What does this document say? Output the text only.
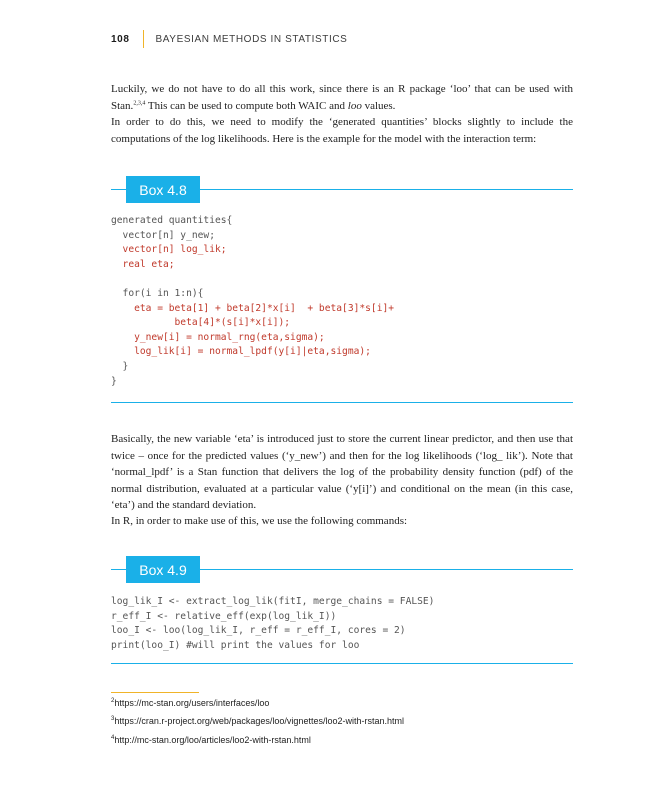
108	BAYESIAN METHODS IN STATISTICS

Luckily, we do not have to do all this work, since there is an R package ‘loo’ that can be used with Stan.$^{2,3,4}$ This can be used to compute both WAIC and loo values.

In order to do this, we need to modify the ‘generated quantities’ blocks slightly to include the computations of the log likelihoods. Here is the example for the model with the interaction term:

Box 4.8
generated quantities{
vector[n] y_new;
vector[n] log_lik;
real eta;

for(i in 1:n){
eta = beta[1] + beta[2]*x[i]  + beta[3]*s[i]+
beta[4]*(s[i]*x[i]);
y_new[i] = normal_rng(eta,sigma);
log_lik[i] = normal_lpdf(y[i]|eta,sigma);
}
}

Basically, the new variable ‘eta’ is introduced just to store the current linear predictor, and then use that twice – once for the predicted values (‘y_new’) and then for the log likelihoods (‘log_ lik’). Note that ‘normal_lpdf’ is a Stan function that delivers the log of the probability density function (pdf) of the normal distribution, evaluated at a particular value (‘y[i]’) and conditional on the mean (in this case, ‘eta’) and the standard deviation.

In R, in order to make use of this, we use the following commands:

Box 4.9
log_lik_I <- extract_log_lik(fitI, merge_chains = FALSE)
r_eff_I <- relative_eff(exp(log_lik_I))
loo_I <- loo(log_lik_I, r_eff = r_eff_I, cores = 2)
print(loo_I) #will print the values for loo
$^2$https://mc-stan.org/users/interfaces/loo
$^3$https://cran.r-project.org/web/packages/loo/vignettes/loo2-with-rstan.html
$^4$http://mc-stan.org/loo/articles/loo2-with-rstan.html
